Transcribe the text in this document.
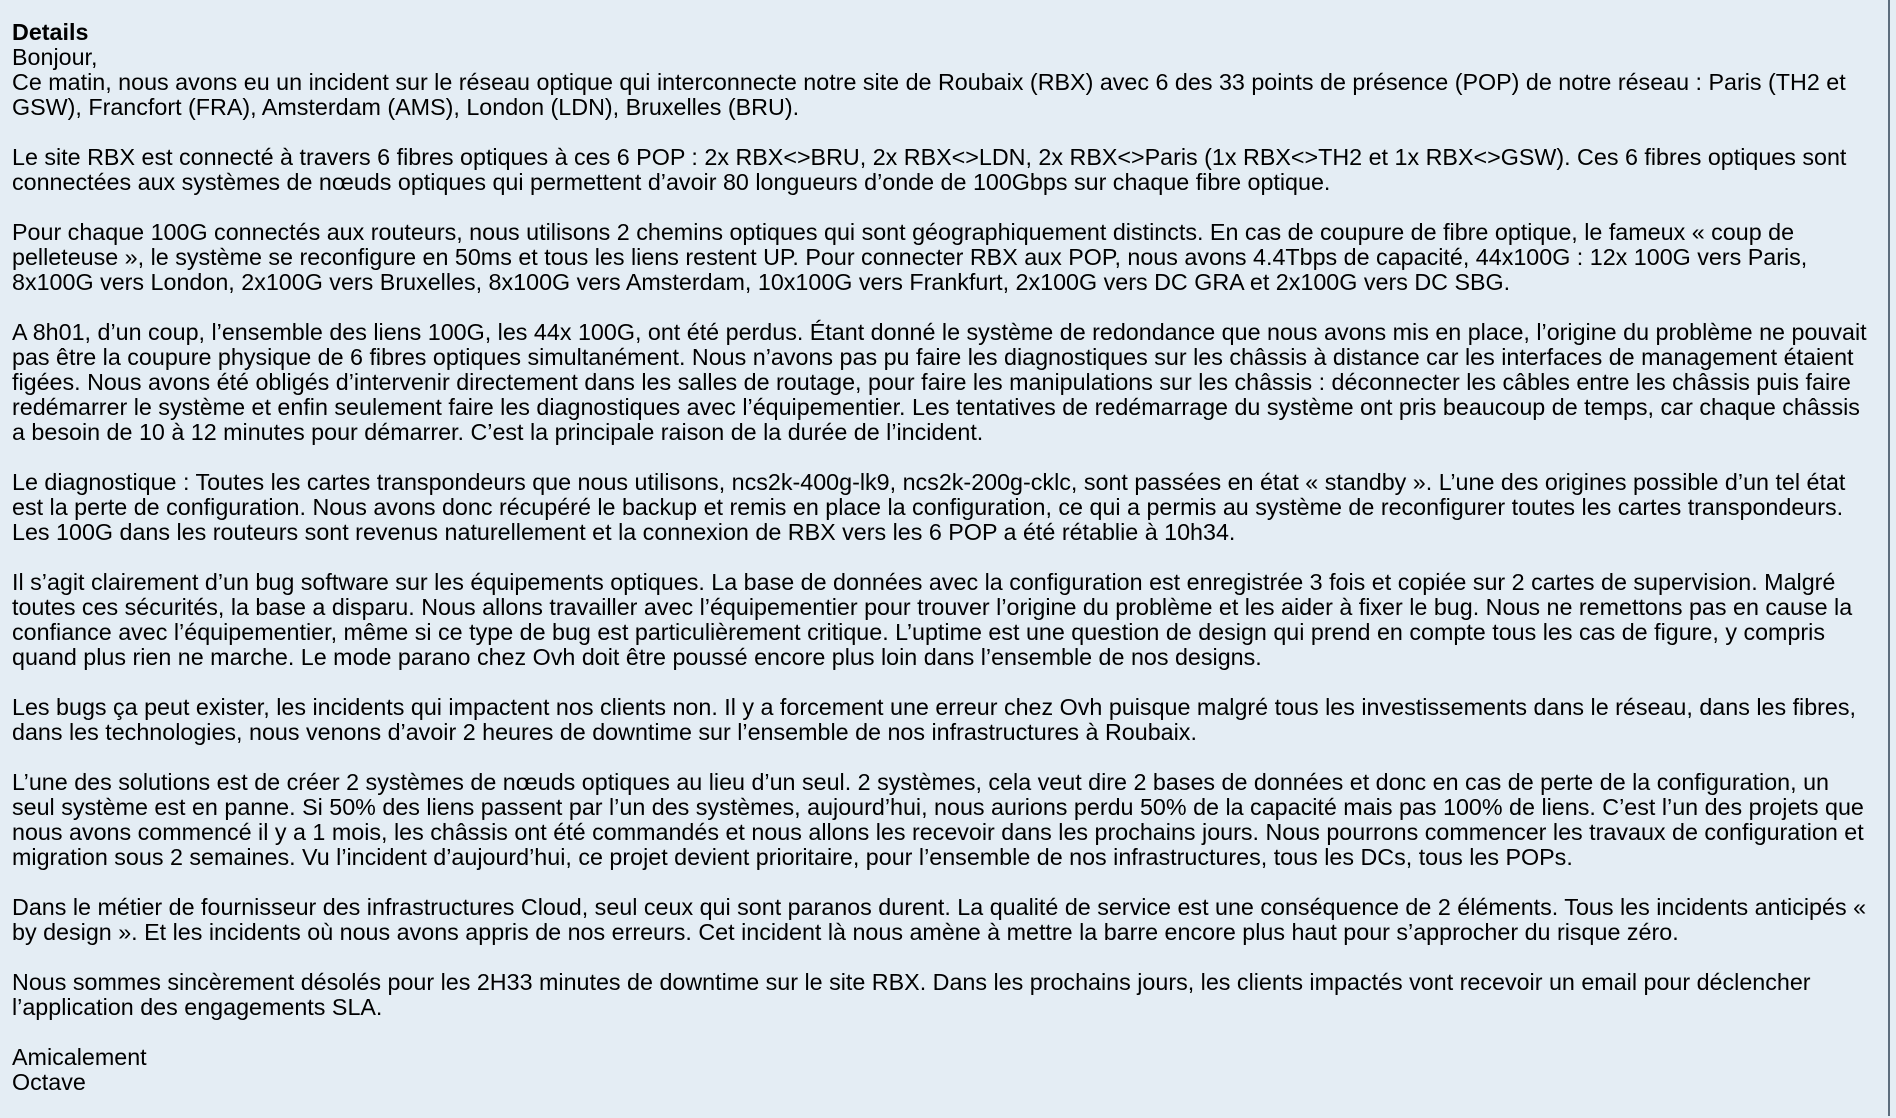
Details

Bonjour,

Ce matin, nous avons eu un incident sur le réseau optique qui interconnecte notre site de Roubaix (RBX) avec 6 des 33 points de présence (POP) de notre réseau : Paris (TH2 et GSW), Francfort (FRA), Amsterdam (AMS), London (LDN), Bruxelles (BRU).

Le site RBX est connecté à travers 6 fibres optiques à ces 6 POP : 2x RBX<>BRU, 2x RBX<>LDN, 2x RBX<>Paris (1x RBX<>TH2 et 1x RBX<>GSW). Ces 6 fibres optiques sont connectées aux systèmes de nœuds optiques qui permettent d’avoir 80 longueurs d’onde de 100Gbps sur chaque fibre optique.

Pour chaque 100G connectés aux routeurs, nous utilisons 2 chemins optiques qui sont géographiquement distincts. En cas de coupure de fibre optique, le fameux « coup de pelleteuse », le système se reconfigure en 50ms et tous les liens restent UP. Pour connecter RBX aux POP, nous avons 4.4Tbps de capacité, 44x100G : 12x 100G vers Paris, 8x100G vers London, 2x100G vers Bruxelles, 8x100G vers Amsterdam, 10x100G vers Frankfurt, 2x100G vers DC GRA et 2x100G vers DC SBG.

A 8h01, d’un coup, l’ensemble des liens 100G, les 44x 100G, ont été perdus. Étant donné le système de redondance que nous avons mis en place, l’origine du problème ne pouvait pas être la coupure physique de 6 fibres optiques simultanément. Nous n’avons pas pu faire les diagnostiques sur les châssis à distance car les interfaces de management étaient figées. Nous avons été obligés d’intervenir directement dans les salles de routage, pour faire les manipulations sur les châssis : déconnecter les câbles entre les châssis puis faire redémarrer le système et enfin seulement faire les diagnostiques avec l’équipementier. Les tentatives de redémarrage du système ont pris beaucoup de temps, car chaque châssis a besoin de 10 à 12 minutes pour démarrer. C’est la principale raison de la durée de l’incident.

Le diagnostique : Toutes les cartes transpondeurs que nous utilisons, ncs2k-400g-lk9, ncs2k-200g-cklc, sont passées en état « standby ». L’une des origines possible d’un tel état est la perte de configuration. Nous avons donc récupéré le backup et remis en place la configuration, ce qui a permis au système de reconfigurer toutes les cartes transpondeurs. Les 100G dans les routeurs sont revenus naturellement et la connexion de RBX vers les 6 POP a été rétablie à 10h34.

Il s’agit clairement d’un bug software sur les équipements optiques. La base de données avec la configuration est enregistrée 3 fois et copiée sur 2 cartes de supervision. Malgré toutes ces sécurités, la base a disparu. Nous allons travailler avec l’équipementier pour trouver l’origine du problème et les aider à fixer le bug. Nous ne remettons pas en cause la confiance avec l’équipementier, même si ce type de bug est particulièrement critique. L’uptime est une question de design qui prend en compte tous les cas de figure, y compris quand plus rien ne marche. Le mode parano chez Ovh doit être poussé encore plus loin dans l’ensemble de nos designs.

Les bugs ça peut exister, les incidents qui impactent nos clients non. Il y a forcement une erreur chez Ovh puisque malgré tous les investissements dans le réseau, dans les fibres, dans les technologies, nous venons d’avoir 2 heures de downtime sur l’ensemble de nos infrastructures à Roubaix.

L’une des solutions est de créer 2 systèmes de nœuds optiques au lieu d’un seul. 2 systèmes, cela veut dire 2 bases de données et donc en cas de perte de la configuration, un seul système est en panne. Si 50% des liens passent par l’un des systèmes, aujourd’hui, nous aurions perdu 50% de la capacité mais pas 100% de liens. C’est l’un des projets que nous avons commencé il y a 1 mois, les châssis ont été commandés et nous allons les recevoir dans les prochains jours. Nous pourrons commencer les travaux de configuration et migration sous 2 semaines. Vu l’incident d’aujourd’hui, ce projet devient prioritaire, pour l’ensemble de nos infrastructures, tous les DCs, tous les POPs.

Dans le métier de fournisseur des infrastructures Cloud, seul ceux qui sont paranos durent. La qualité de service est une conséquence de 2 éléments. Tous les incidents anticipés « by design ». Et les incidents où nous avons appris de nos erreurs. Cet incident là nous amène à mettre la barre encore plus haut pour s’approcher du risque zéro.

Nous sommes sincèrement désolés pour les 2H33 minutes de downtime sur le site RBX. Dans les prochains jours, les clients impactés vont recevoir un email pour déclencher l’application des engagements SLA.

Amicalement

Octave
